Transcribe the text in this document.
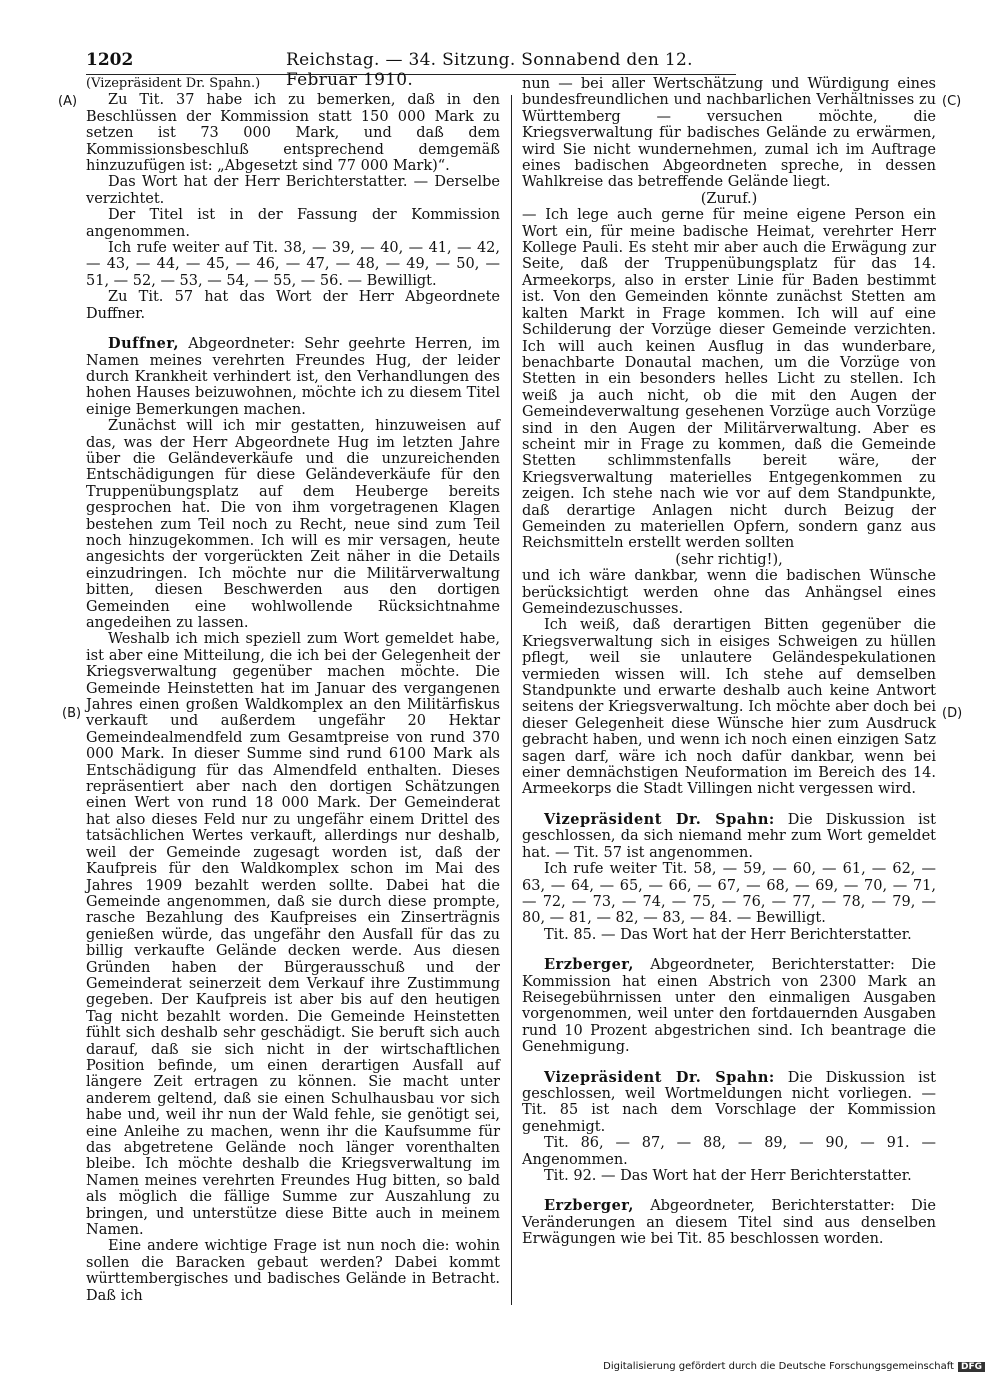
1202	Reichstag. — 34. Sitzung. Sonnabend den 12. Februar 1910.
(A)
(B)
(C)
(D)

(Vizepräsident Dr. Spahn.)

Zu Tit. 37 habe ich zu bemerken, daß in den Beschlüssen der Kommission statt 150 000 Mark zu setzen ist 73 000 Mark, und daß dem Kommissionsbeschluß entsprechend demgemäß hinzuzufügen ist: „Abgesetzt sind 77 000 Mark)“.

Das Wort hat der Herr Berichterstatter. — Derselbe verzichtet.

Der Titel ist in der Fassung der Kommission angenommen.

Ich rufe weiter auf Tit. 38, — 39, — 40, — 41, — 42, — 43, — 44, — 45, — 46, — 47, — 48, — 49, — 50, — 51, — 52, — 53, — 54, — 55, — 56. — Bewilligt.

Zu Tit. 57 hat das Wort der Herr Abgeordnete Duffner.

Duffner, Abgeordneter: Sehr geehrte Herren, im Namen meines verehrten Freundes Hug, der leider durch Krankheit verhindert ist, den Verhandlungen des hohen Hauses beizuwohnen, möchte ich zu diesem Titel einige Bemerkungen machen.

Zunächst will ich mir gestatten, hinzuweisen auf das, was der Herr Abgeordnete Hug im letzten Jahre über die Geländeverkäufe und die unzureichenden Entschädigungen für diese Geländeverkäufe für den Truppenübungsplatz auf dem Heuberge bereits gesprochen hat. Die von ihm vorgetragenen Klagen bestehen zum Teil noch zu Recht, neue sind zum Teil noch hinzugekommen. Ich will es mir versagen, heute angesichts der vorgerückten Zeit näher in die Details einzudringen. Ich möchte nur die Militärverwaltung bitten, diesen Beschwerden aus den dortigen Gemeinden eine wohlwollende Rücksichtnahme angedeihen zu lassen.

Weshalb ich mich speziell zum Wort gemeldet habe, ist aber eine Mitteilung, die ich bei der Gelegenheit der Kriegsverwaltung gegenüber machen möchte. Die Gemeinde Heinstetten hat im Januar des vergangenen Jahres einen großen Waldkomplex an den Militärfiskus verkauft und außerdem ungefähr 20 Hektar Gemeindealmendfeld zum Gesamtpreise von rund 370 000 Mark. In dieser Summe sind rund 6100 Mark als Entschädigung für das Almendfeld enthalten. Dieses repräsentiert aber nach den dortigen Schätzungen einen Wert von rund 18 000 Mark. Der Gemeinderat hat also dieses Feld nur zu ungefähr einem Drittel des tatsächlichen Wertes verkauft, allerdings nur deshalb, weil der Gemeinde zugesagt worden ist, daß der Kaufpreis für den Waldkomplex schon im Mai des Jahres 1909 bezahlt werden sollte. Dabei hat die Gemeinde angenommen, daß sie durch diese prompte, rasche Bezahlung des Kaufpreises ein Zinserträgnis genießen würde, das ungefähr den Ausfall für das zu billig verkaufte Gelände decken werde. Aus diesen Gründen haben der Bürgerausschuß und der Gemeinderat seinerzeit dem Verkauf ihre Zustimmung gegeben. Der Kaufpreis ist aber bis auf den heutigen Tag nicht bezahlt worden. Die Gemeinde Heinstetten fühlt sich deshalb sehr geschädigt. Sie beruft sich auch darauf, daß sie sich nicht in der wirtschaftlichen Position befinde, um einen derartigen Ausfall auf längere Zeit ertragen zu können. Sie macht unter anderem geltend, daß sie einen Schulhausbau vor sich habe und, weil ihr nun der Wald fehle, sie genötigt sei, eine Anleihe zu machen, wenn ihr die Kaufsumme für das abgetretene Gelände noch länger vorenthalten bleibe. Ich möchte deshalb die Kriegsverwaltung im Namen meines verehrten Freundes Hug bitten, so bald als möglich die fällige Summe zur Auszahlung zu bringen, und unterstütze diese Bitte auch in meinem Namen.

Eine andere wichtige Frage ist nun noch die: wohin sollen die Baracken gebaut werden? Dabei kommt württembergisches und badisches Gelände in Betracht. Daß ich

nun — bei aller Wertschätzung und Würdigung eines bundesfreundlichen und nachbarlichen Verhältnisses zu Württemberg — versuchen möchte, die Kriegsverwaltung für badisches Gelände zu erwärmen, wird Sie nicht wundernehmen, zumal ich im Auftrage eines badischen Abgeordneten spreche, in dessen Wahlkreise das betreffende Gelände liegt.

(Zuruf.)

— Ich lege auch gerne für meine eigene Person ein Wort ein, für meine badische Heimat, verehrter Herr Kollege Pauli. Es steht mir aber auch die Erwägung zur Seite, daß der Truppenübungsplatz für das 14. Armeekorps, also in erster Linie für Baden bestimmt ist. Von den Gemeinden könnte zunächst Stetten am kalten Markt in Frage kommen. Ich will auf eine Schilderung der Vorzüge dieser Gemeinde verzichten. Ich will auch keinen Ausflug in das wunderbare, benachbarte Donautal machen, um die Vorzüge von Stetten in ein besonders helles Licht zu stellen. Ich weiß ja auch nicht, ob die mit den Augen der Gemeindeverwaltung gesehenen Vorzüge auch Vorzüge sind in den Augen der Militärverwaltung. Aber es scheint mir in Frage zu kommen, daß die Gemeinde Stetten schlimmstenfalls bereit wäre, der Kriegsverwaltung materielles Entgegenkommen zu zeigen. Ich stehe nach wie vor auf dem Standpunkte, daß derartige Anlagen nicht durch Beizug der Gemeinden zu materiellen Opfern, sondern ganz aus Reichsmitteln erstellt werden sollten

(sehr richtig!),

und ich wäre dankbar, wenn die badischen Wünsche berücksichtigt werden ohne das Anhängsel eines Gemeindezuschusses.

Ich weiß, daß derartigen Bitten gegenüber die Kriegsverwaltung sich in eisiges Schweigen zu hüllen pflegt, weil sie unlautere Geländespekulationen vermieden wissen will. Ich stehe auf demselben Standpunkte und erwarte deshalb auch keine Antwort seitens der Kriegsverwaltung. Ich möchte aber doch bei dieser Gelegenheit diese Wünsche hier zum Ausdruck gebracht haben, und wenn ich noch einen einzigen Satz sagen darf, wäre ich noch dafür dankbar, wenn bei einer demnächstigen Neuformation im Bereich des 14. Armeekorps die Stadt Villingen nicht vergessen wird.

Vizepräsident Dr. Spahn: Die Diskussion ist geschlossen, da sich niemand mehr zum Wort gemeldet hat. — Tit. 57 ist angenommen.

Ich rufe weiter Tit. 58, — 59, — 60, — 61, — 62, — 63, — 64, — 65, — 66, — 67, — 68, — 69, — 70, — 71, — 72, — 73, — 74, — 75, — 76, — 77, — 78, — 79, — 80, — 81, — 82, — 83, — 84. — Bewilligt.

Tit. 85. — Das Wort hat der Herr Berichterstatter.

Erzberger, Abgeordneter, Berichterstatter: Die Kommission hat einen Abstrich von 2300 Mark an Reisegebührnissen unter den einmaligen Ausgaben vorgenommen, weil unter den fortdauernden Ausgaben rund 10 Prozent abgestrichen sind. Ich beantrage die Genehmigung.

Vizepräsident Dr. Spahn: Die Diskussion ist geschlossen, weil Wortmeldungen nicht vorliegen. — Tit. 85 ist nach dem Vorschlage der Kommission genehmigt.

Tit. 86, — 87, — 88, — 89, — 90, — 91. — Angenommen.

Tit. 92. — Das Wort hat der Herr Berichterstatter.

Erzberger, Abgeordneter, Berichterstatter: Die Veränderungen an diesem Titel sind aus denselben Erwägungen wie bei Tit. 85 beschlossen worden.

Digitalisierung gefördert durch die Deutsche Forschungsgemeinschaft DFG
